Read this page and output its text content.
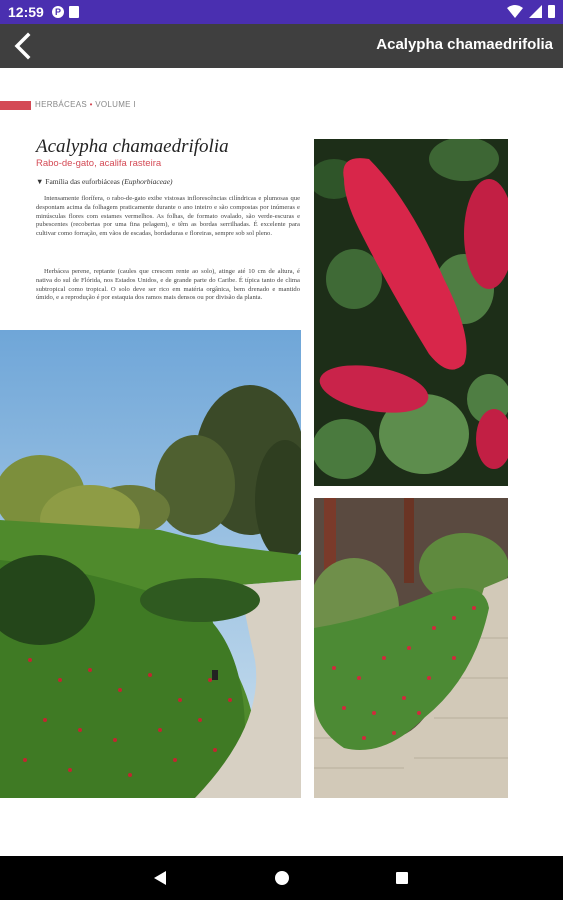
12:59	P
Acalypha chamaedrifolia
HERBÁCEAS • VOLUME I
Acalypha chamaedrifolia
Rabo-de-gato, acalifa rasteira
▼ Família das euforbiáceas (Euphorbiaceae)

Intensamente florífera, o rabo-de-gato exibe vistosas inflorescências cilíndricas e plumosas que despontam acima da folhagem praticamente durante o ano inteiro e são compostas por inúmeras e minúsculas flores com estames vermelhos. As folhas, de formato ovalado, são verde-escuras e pubescentes (recobertas por uma fina pelagem), e têm as bordas serrilhadas. É excelente para cultivar como forração, em vãos de escadas, bordaduras e floreiras, sempre sob sol pleno.

Herbácea perene, reptante (caules que crescem rente ao solo), atinge até 10 cm de altura, é nativa do sul de Flórida, nos Estados Unidos, e de grande parte do Caribe. É típica tanto de clima subtropical como tropical. O solo deve ser rico em matéria orgânica, bem drenado e mantido úmido, e a reprodução é por estaquia dos ramos mais densos ou por divisão da planta.
